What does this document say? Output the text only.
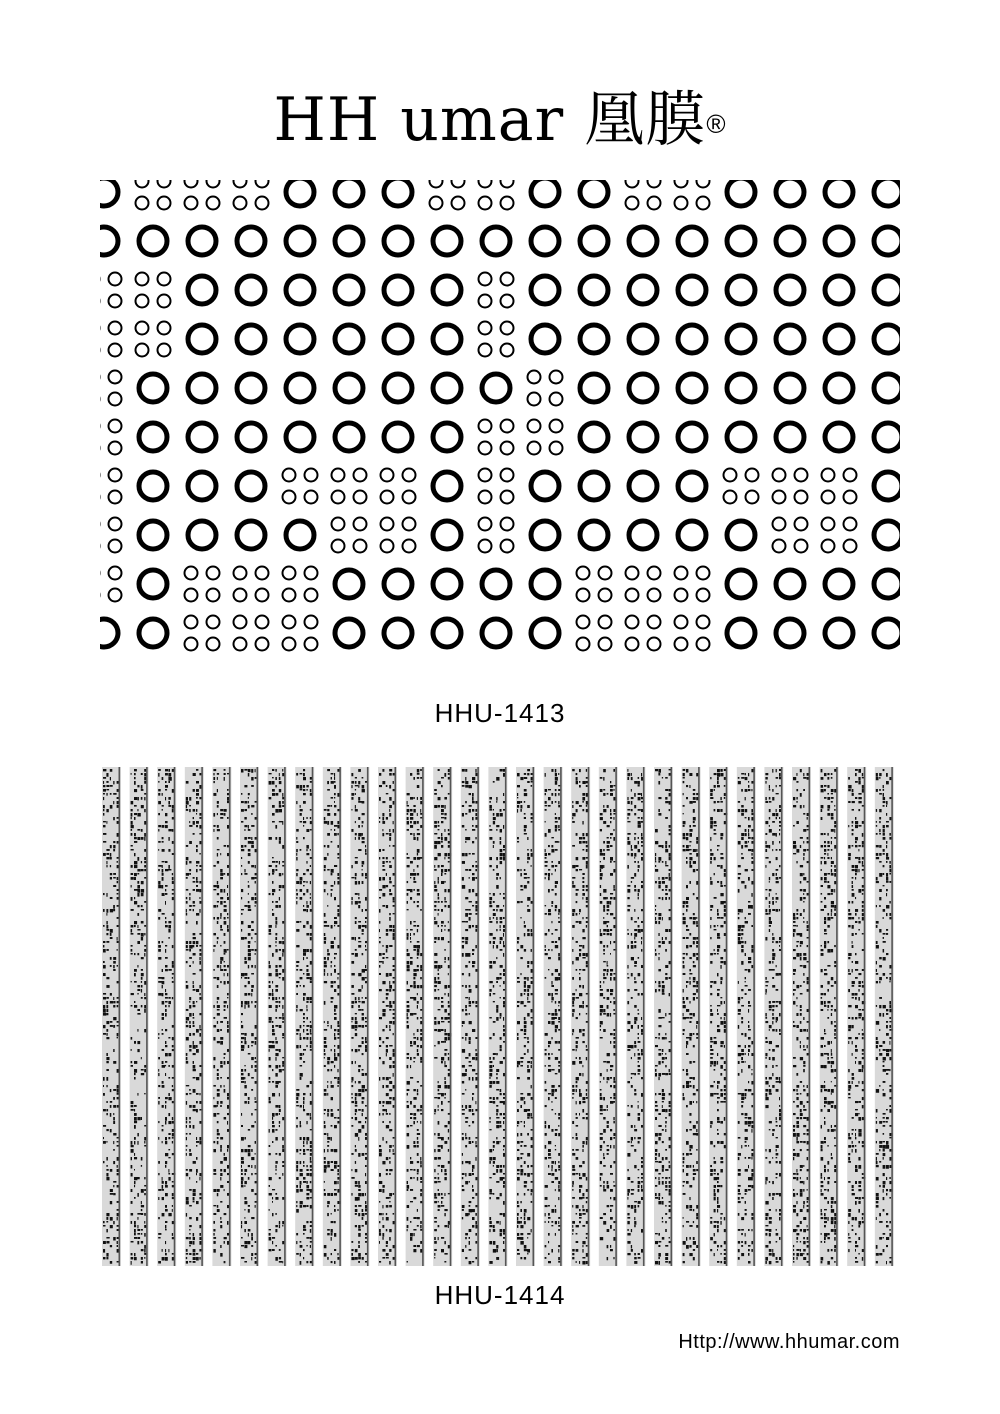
HH umar 凰膜®
HHU-1413
HHU-1414
Http://www.hhumar.com
